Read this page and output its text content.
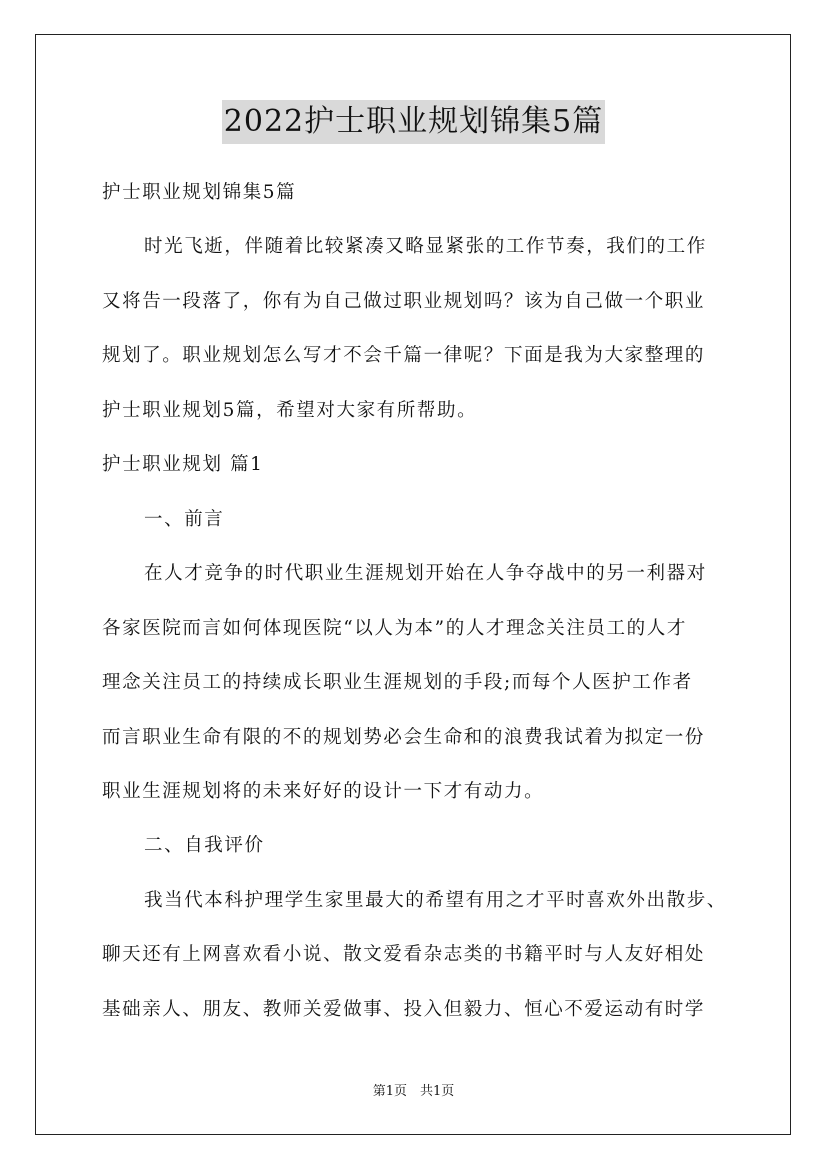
2022护士职业规划锦集5篇
护士职业规划锦集5篇
时光飞逝，伴随着比较紧凑又略显紧张的工作节奏，我们的工作
又将告一段落了，你有为自己做过职业规划吗？该为自己做一个职业
规划了。职业规划怎么写才不会千篇一律呢？下面是我为大家整理的
护士职业规划5篇，希望对大家有所帮助。
护士职业规划 篇1
一、前言
在人才竞争的时代职业生涯规划开始在人争夺战中的另一利器对
各家医院而言如何体现医院“以人为本”的人才理念关注员工的人才
理念关注员工的持续成长职业生涯规划的手段;而每个人医护工作者
而言职业生命有限的不的规划势必会生命和的浪费我试着为拟定一份
职业生涯规划将的未来好好的设计一下才有动力。
二、自我评价
我当代本科护理学生家里最大的希望有用之才平时喜欢外出散步、
聊天还有上网喜欢看小说、散文爱看杂志类的书籍平时与人友好相处
基础亲人、朋友、教师关爱做事、投入但毅力、恒心不爱运动有时学
第1页　共1页
